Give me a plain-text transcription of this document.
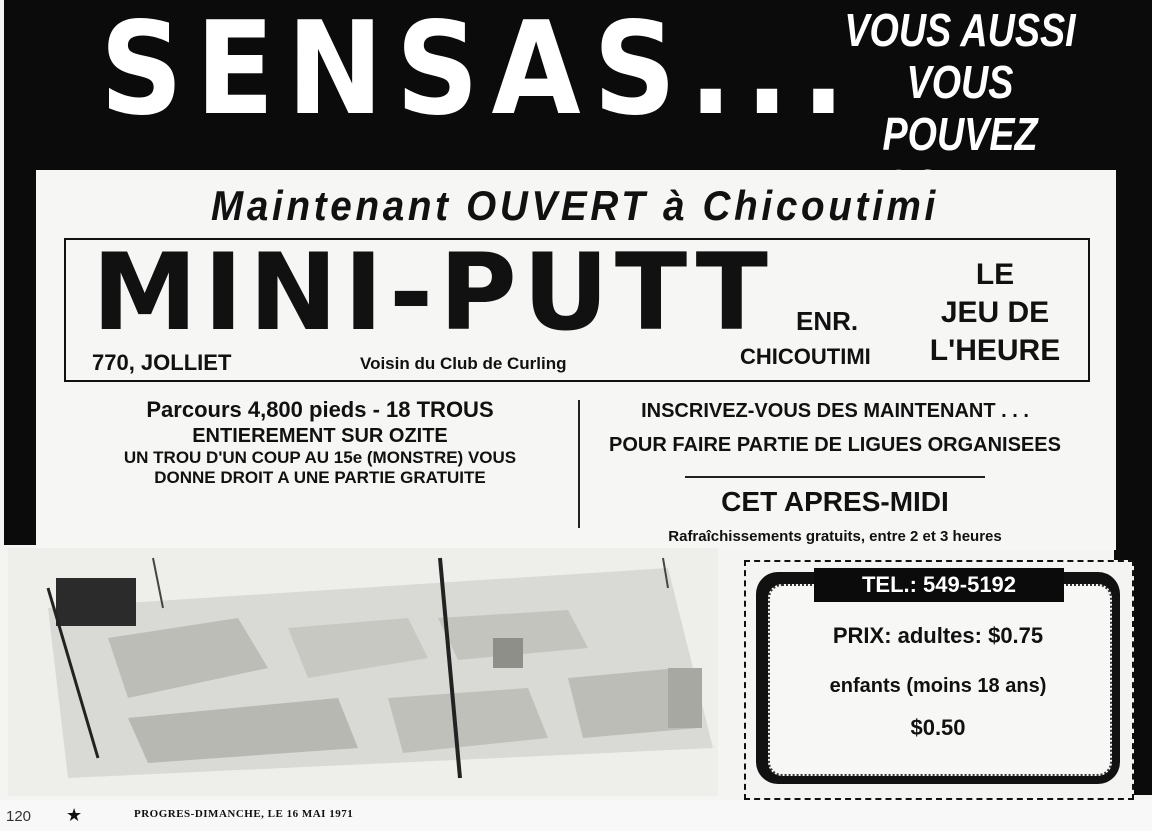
SENSAS...
VOUS AUSSI
VOUS POUVEZ
Maintenant OUVERT à Chicoutimi
MINI-PUTT ENR.
770, JOLLIET	Voisin du Club de Curling	CHICOUTIMI
LE
JEU DE
L'HEURE
Parcours 4,800 pieds - 18 TROUS
ENTIEREMENT SUR OZITE
UN TROU D'UN COUP AU 15e (MONSTRE) VOUS
DONNE DROIT A UNE PARTIE GRATUITE
INSCRIVEZ-VOUS DES MAINTENANT . . .
POUR FAIRE PARTIE DE LIGUES ORGANISEES
CET APRES-MIDI
Rafraîchissements gratuits, entre 2 et 3 heures
TEL.: 549-5192
PRIX: adultes: $0.75
enfants (moins 18 ans)
$0.50
120 ★	PROGRES-DIMANCHE, LE 16 MAI 1971
